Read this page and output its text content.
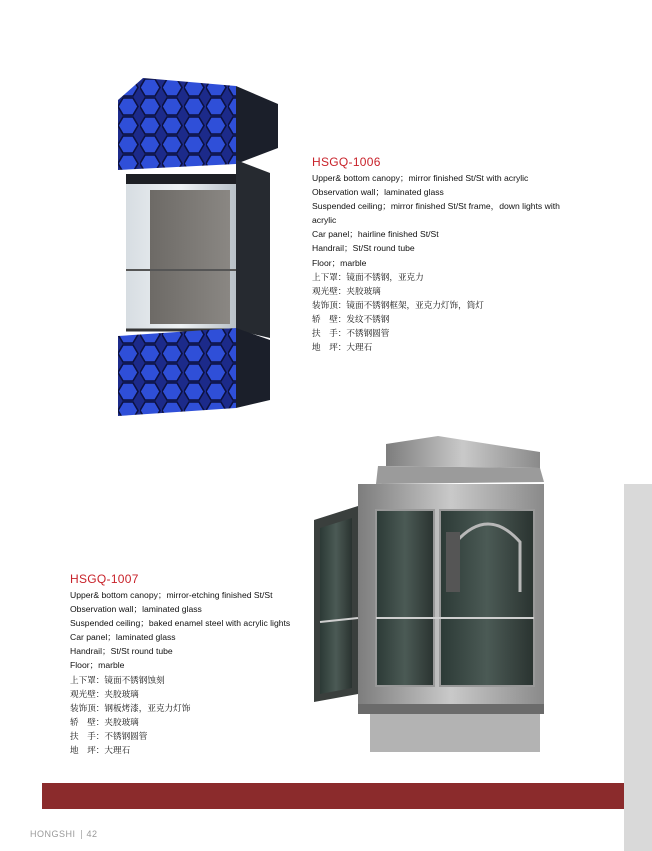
HSGQ-1006
Upper& bottom canopy；mirror finished St/St with acrylic
Observation wall；laminated glass
Suspended ceiling；mirror finished St/St frame，down lights with acrylic
Car panel；hairline finished St/St
Handrail；St/St round tube
Floor；marble
上下罩：镜面不锈钢，亚克力
观光壁：夹胶玻璃
装饰顶：镜面不锈钢框架，亚克力灯饰，筒灯
轿　壁：发纹不锈钢
扶　手：不锈钢圆管
地　坪：大理石
HSGQ-1007
Upper& bottom canopy；mirror-etching finished St/St
Observation wall；laminated glass
Suspended ceiling；baked enamel steel with acrylic lights
Car panel；laminated glass
Handrail；St/St round tube
Floor；marble
上下罩：镜面不锈钢蚀刻
观光壁：夹胶玻璃
装饰顶：钢板烤漆，亚克力灯饰
轿　壁：夹胶玻璃
扶　手：不锈钢圆管
地　坪：大理石
HONGSHI 42
